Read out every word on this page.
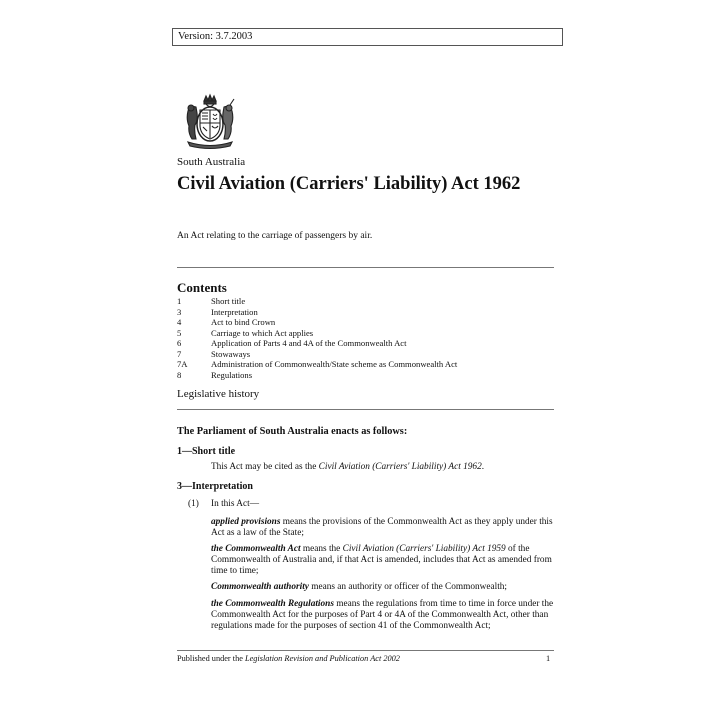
Version: 3.7.2003
South Australia
Civil Aviation (Carriers' Liability) Act 1962
An Act relating to the carriage of passengers by air.
Contents
1	Short title
3	Interpretation
4	Act to bind Crown
5	Carriage to which Act applies
6	Application of Parts 4 and 4A of the Commonwealth Act
7	Stowaways
7A	Administration of Commonwealth/State scheme as Commonwealth Act
8	Regulations
Legislative history
The Parliament of South Australia enacts as follows:
1—Short title
This Act may be cited as the Civil Aviation (Carriers' Liability) Act 1962.
3—Interpretation
(1) In this Act—
applied provisions means the provisions of the Commonwealth Act as they apply under this Act as a law of the State;
the Commonwealth Act means the Civil Aviation (Carriers' Liability) Act 1959 of the Commonwealth of Australia and, if that Act is amended, includes that Act as amended from time to time;
Commonwealth authority means an authority or officer of the Commonwealth;
the Commonwealth Regulations means the regulations from time to time in force under the Commonwealth Act for the purposes of Part 4 or 4A of the Commonwealth Act, other than regulations made for the purposes of section 41 of the Commonwealth Act;
Published under the Legislation Revision and Publication Act 2002	1
